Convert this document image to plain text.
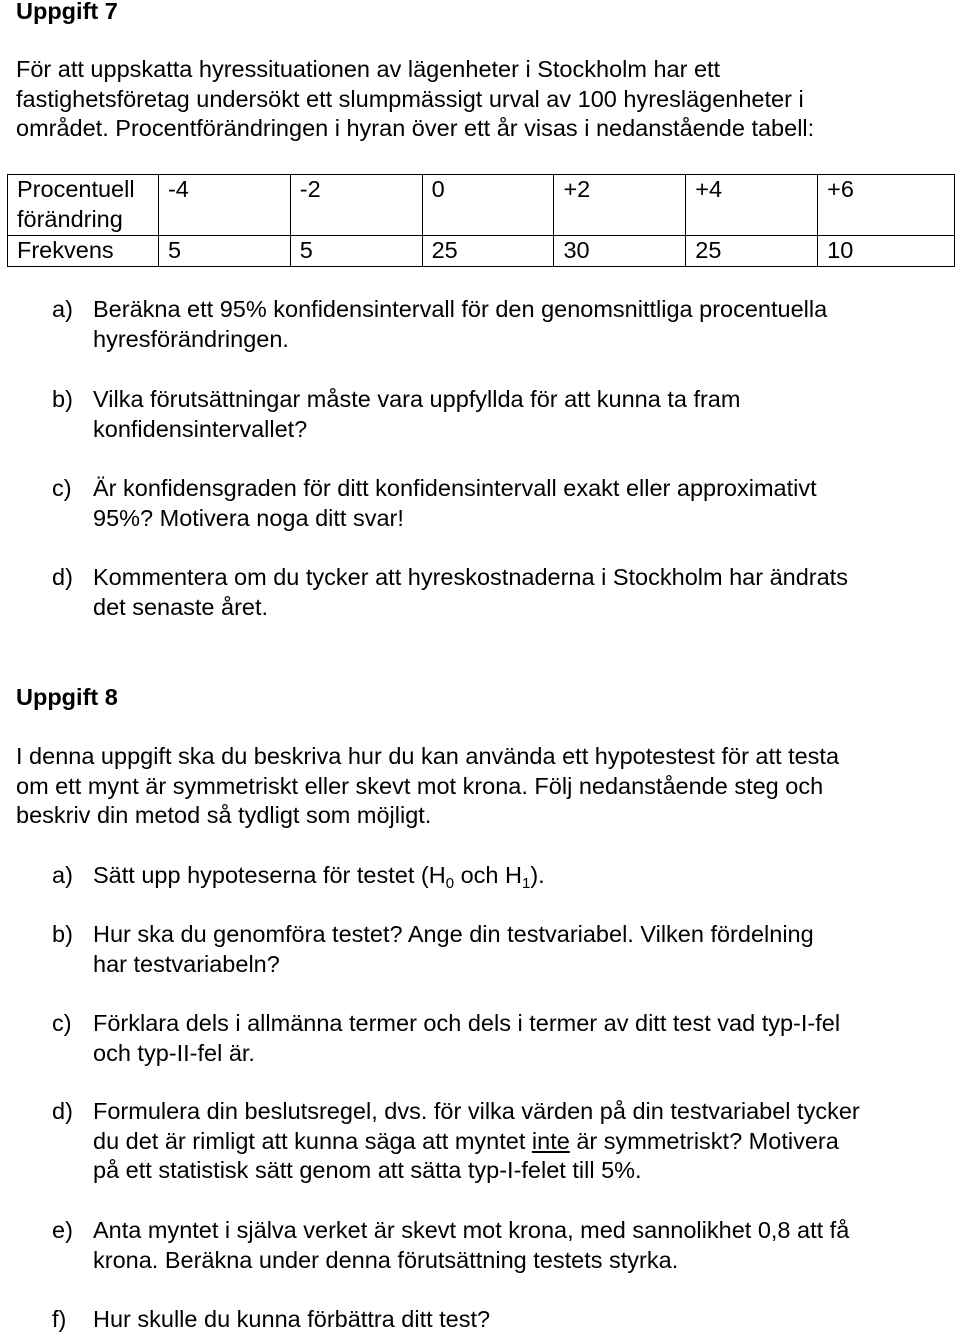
Uppgift 7
För att uppskatta hyressituationen av lägenheter i Stockholm har ett
fastighetsföretag undersökt ett slumpmässigt urval av 100 hyreslägenheter i
området. Procentförändringen i hyran över ett år visas i nedanstående tabell:
Procentuell förändring	-4	-2	0	+2	+4	+6
Frekvens	5	5	25	30	25	10
a) Beräkna ett 95% konfidensintervall för den genomsnittliga procentuella
hyresförändringen.
b) Vilka förutsättningar måste vara uppfyllda för att kunna ta fram
konfidensintervallet?
c) Är konfidensgraden för ditt konfidensintervall exakt eller approximativt
95%? Motivera noga ditt svar!
d) Kommentera om du tycker att hyreskostnaderna i Stockholm har ändrats
det senaste året.
Uppgift 8
I denna uppgift ska du beskriva hur du kan använda ett hypotestest för att testa
om ett mynt är symmetriskt eller skevt mot krona. Följ nedanstående steg och
beskriv din metod så tydligt som möjligt.
a) Sätt upp hypoteserna för testet ($H_0$ och $H_1$).
b) Hur ska du genomföra testet? Ange din testvariabel. Vilken fördelning
har testvariabeln?
c) Förklara dels i allmänna termer och dels i termer av ditt test vad typ-I-fel
och typ-II-fel är.
d) Formulera din beslutsregel, dvs. för vilka värden på din testvariabel tycker
du det är rimligt att kunna säga att myntet inte är symmetriskt? Motivera
på ett statistisk sätt genom att sätta typ-I-felet till 5%.
e) Anta myntet i själva verket är skevt mot krona, med sannolikhet 0,8 att få
krona. Beräkna under denna förutsättning testets styrka.
f) Hur skulle du kunna förbättra ditt test?
